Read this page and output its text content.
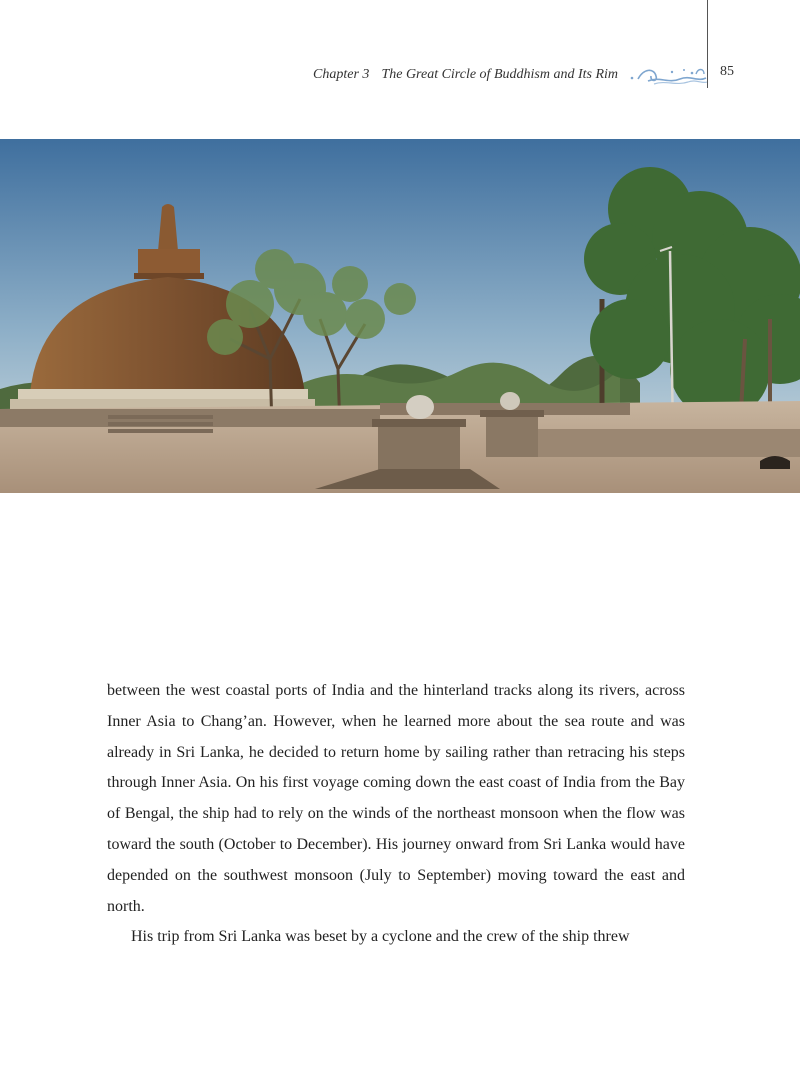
Chapter 3 The Great Circle of Buddhism and Its Rim	85

between the west coastal ports of India and the hinterland tracks along its rivers, across Inner Asia to Chang’an. However, when he learned more about the sea route and was already in Sri Lanka, he decided to return home by sailing rather than retracing his steps through Inner Asia. On his first voyage coming down the east coast of India from the Bay of Bengal, the ship had to rely on the winds of the northeast monsoon when the flow was toward the south (October to December). His journey onward from Sri Lanka would have depended on the southwest monsoon (July to September) moving toward the east and north.

His trip from Sri Lanka was beset by a cyclone and the crew of the ship threw
